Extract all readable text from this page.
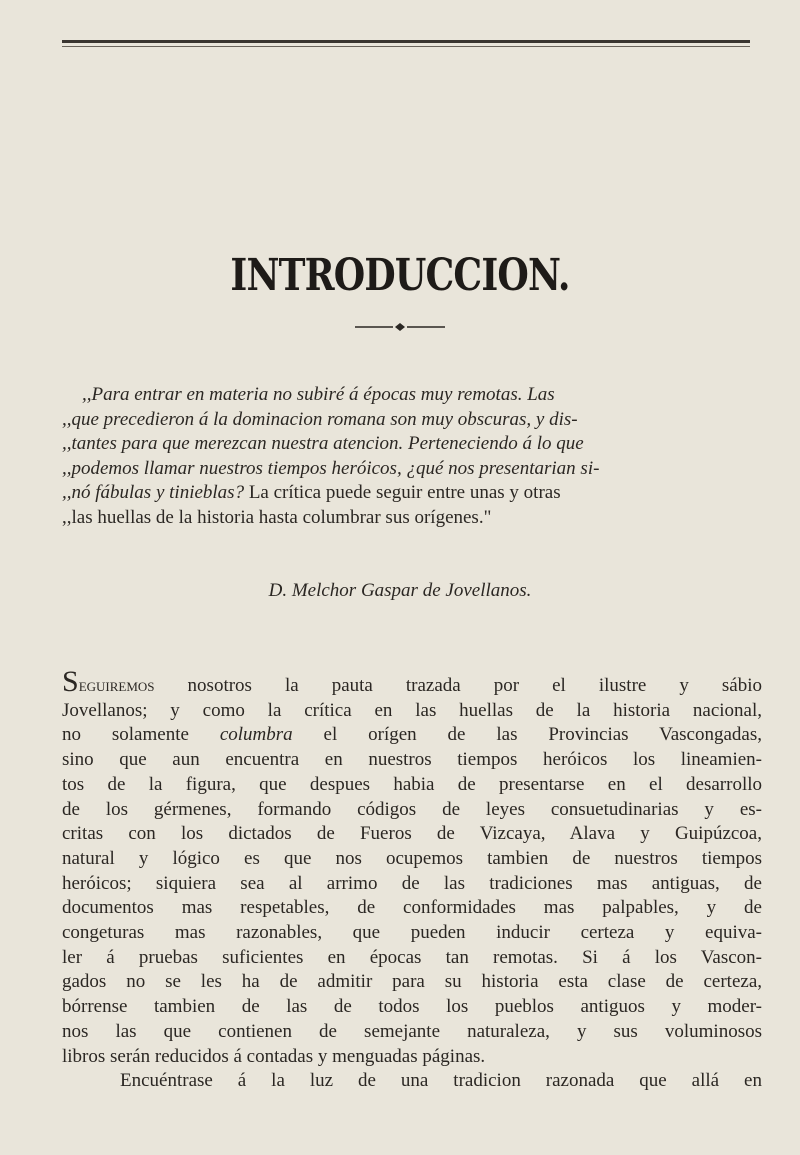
INTRODUCCION.
,,Para entrar en materia no subiré á épocas muy remotas. Las
,,que precedieron á la dominacion romana son muy obscuras, y dis-
,,tantes para que merezcan nuestra atencion. Perteneciendo á lo que
,,podemos llamar nuestros tiempos heróicos, ¿qué nos presentarian si-
,,nó fábulas y tinieblas? La crítica puede seguir entre unas y otras
,,las huellas de la historia hasta columbrar sus orígenes."
D. Melchor Gaspar de Jovellanos.
Seguiremos nosotros la pauta trazada por el ilustre y sábio
Jovellanos; y como la crítica en las huellas de la historia nacional,
no solamente columbra el orígen de las Provincias Vascongadas,
sino que aun encuentra en nuestros tiempos heróicos los lineamien-
tos de la figura, que despues habia de presentarse en el desarrollo
de los gérmenes, formando códigos de leyes consuetudinarias y es-
critas con los dictados de Fueros de Vizcaya, Alava y Guipúzcoa,
natural y lógico es que nos ocupemos tambien de nuestros tiempos
heróicos; siquiera sea al arrimo de las tradiciones mas antiguas, de
documentos mas respetables, de conformidades mas palpables, y de
congeturas mas razonables, que pueden inducir certeza y equiva-
ler á pruebas suficientes en épocas tan remotas. Si á los Vascon-
gados no se les ha de admitir para su historia esta clase de certeza,
bórrense tambien de las de todos los pueblos antiguos y moder-
nos las que contienen de semejante naturaleza, y sus voluminosos
libros serán reducidos á contadas y menguadas páginas.
Encuéntrase á la luz de una tradicion razonada que allá en
